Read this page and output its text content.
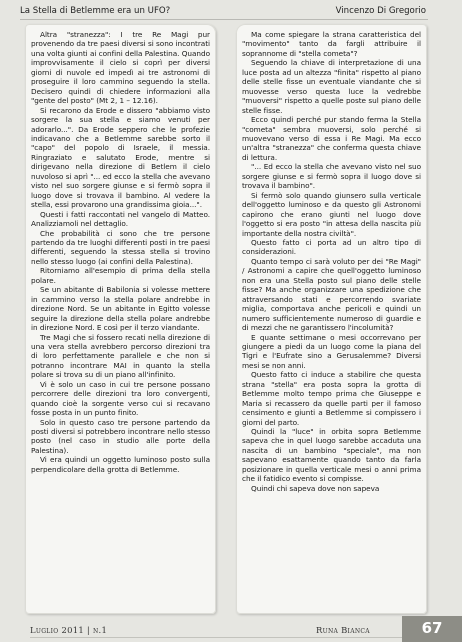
La Stella di Betlemme era un UFO?	Vincenzo Di Gregorio

Altra "stranezza": I tre Re Magi pur provenendo da tre paesi diversi si sono incontrati una volta giunti ai confini della Palestina. Quando improvvisamente il cielo si coprì per diversi giorni di nuvole ed impedì ai tre astronomi di proseguire il loro cammino seguendo la stella. Decisero quindi di chiedere informazioni alla "gente del posto" (Mt 2, 1 – 12.16).

Si recarono da Erode e dissero "abbiamo visto sorgere la sua stella e siamo venuti per adorarlo...". Da Erode seppero che le profezie indicavano che a Betlemme sarebbe sorto il "capo" del popolo di Israele, il messia. Ringraziato e salutato Erode, mentre si dirigevano nella direzione di Betlem il cielo nuvoloso si aprì "... ed ecco la stella che avevano visto nel suo sorgere giunse e si fermò sopra il luogo dove si trovava il bambino. Al vedere la stella, essi provarono una grandissima gioia...".

Questi i fatti raccontati nel vangelo di Matteo. Analizziamoli nel dettaglio.

Che probabilità ci sono che tre persone partendo da tre luoghi differenti posti in tre paesi differenti, seguendo la stessa stella si trovino nello stesso luogo (ai confini della Palestina).

Ritorniamo all'esempio di prima della stella polare.

Se un abitante di Babilonia si volesse mettere in cammino verso la stella polare andrebbe in direzione Nord. Se un abitante in Egitto volesse seguire la direzione della stella polare andrebbe in direzione Nord. E così per il terzo viandante.

Tre Magi che si fossero recati nella direzione di una vera stella avrebbero percorso direzioni tra di loro perfettamente parallele e che non si potranno incontrare MAI in quanto la stella polare si trova su di un piano all'infinito.

Vi è solo un caso in cui tre persone possano percorrere delle direzioni tra loro convergenti, quando cioè la sorgente verso cui si recavano fosse posta in un punto finito.

Solo in questo caso tre persone partendo da posti diversi si potrebbero incontrare nello stesso posto (nel caso in studio alle porte della Palestina).

Vi era quindi un oggetto luminoso posto sulla perpendicolare della grotta di Betlemme.

Ma come spiegare la strana caratteristica del "movimento" tanto da fargli attribuire il soprannome di "stella cometa"?

Seguendo la chiave di interpretazione di una luce posta ad un altezza "finita" rispetto al piano delle stelle fisse un eventuale viandante che si muovesse verso questa luce la vedrebbe "muoversi" rispetto a quelle poste sul piano delle stelle fisse.

Ecco quindi perché pur stando ferma la Stella "cometa" sembra muoversi, solo perché si muovevano verso di essa i Re Magi. Ma ecco un'altra "stranezza" che conferma questa chiave di lettura.

"... Ed ecco la stella che avevano visto nel suo sorgere giunse e si fermò sopra il luogo dove si trovava il bambino".

Si fermò solo quando giunsero sulla verticale dell'oggetto luminoso e da questo gli Astronomi capirono che erano giunti nel luogo dove l'oggetto si era posto "in attesa della nascita più importante della nostra civiltà".

Questo fatto ci porta ad un altro tipo di considerazioni.

Quanto tempo ci sarà voluto per dei "Re Magi" / Astronomi a capire che quell'oggetto luminoso non era una Stella posto sul piano delle stelle fisse? Ma anche organizzare una spedizione che attraversando stati e percorrendo svariate miglia, comportava anche pericoli e quindi un numero sufficientemente numeroso di guardie e di mezzi che ne garantissero l'incolumità?

E quante settimane o mesi occorrevano per giungere a piedi da un luogo come la piana del Tigri e l'Eufrate sino a Gerusalemme? Diversi mesi se non anni.

Questo fatto ci induce a stabilire che questa strana "stella" era posta sopra la grotta di Betlemme molto tempo prima che Giuseppe e Maria si recassero da quelle parti per il famoso censimento e giunti a Betlemme si compissero i giorni del parto.

Quindi la "luce" in orbita sopra Betlemme sapeva che in quel luogo sarebbe accaduta una nascita di un bambino "speciale", ma non sapevano esattamente quando tanto da farla posizionare in quella verticale mesi o anni prima che il fatidico evento si compisse.

Quindi chi sapeva dove non sapeva

Luglio 2011 | n.1	Runa Bianca	67
